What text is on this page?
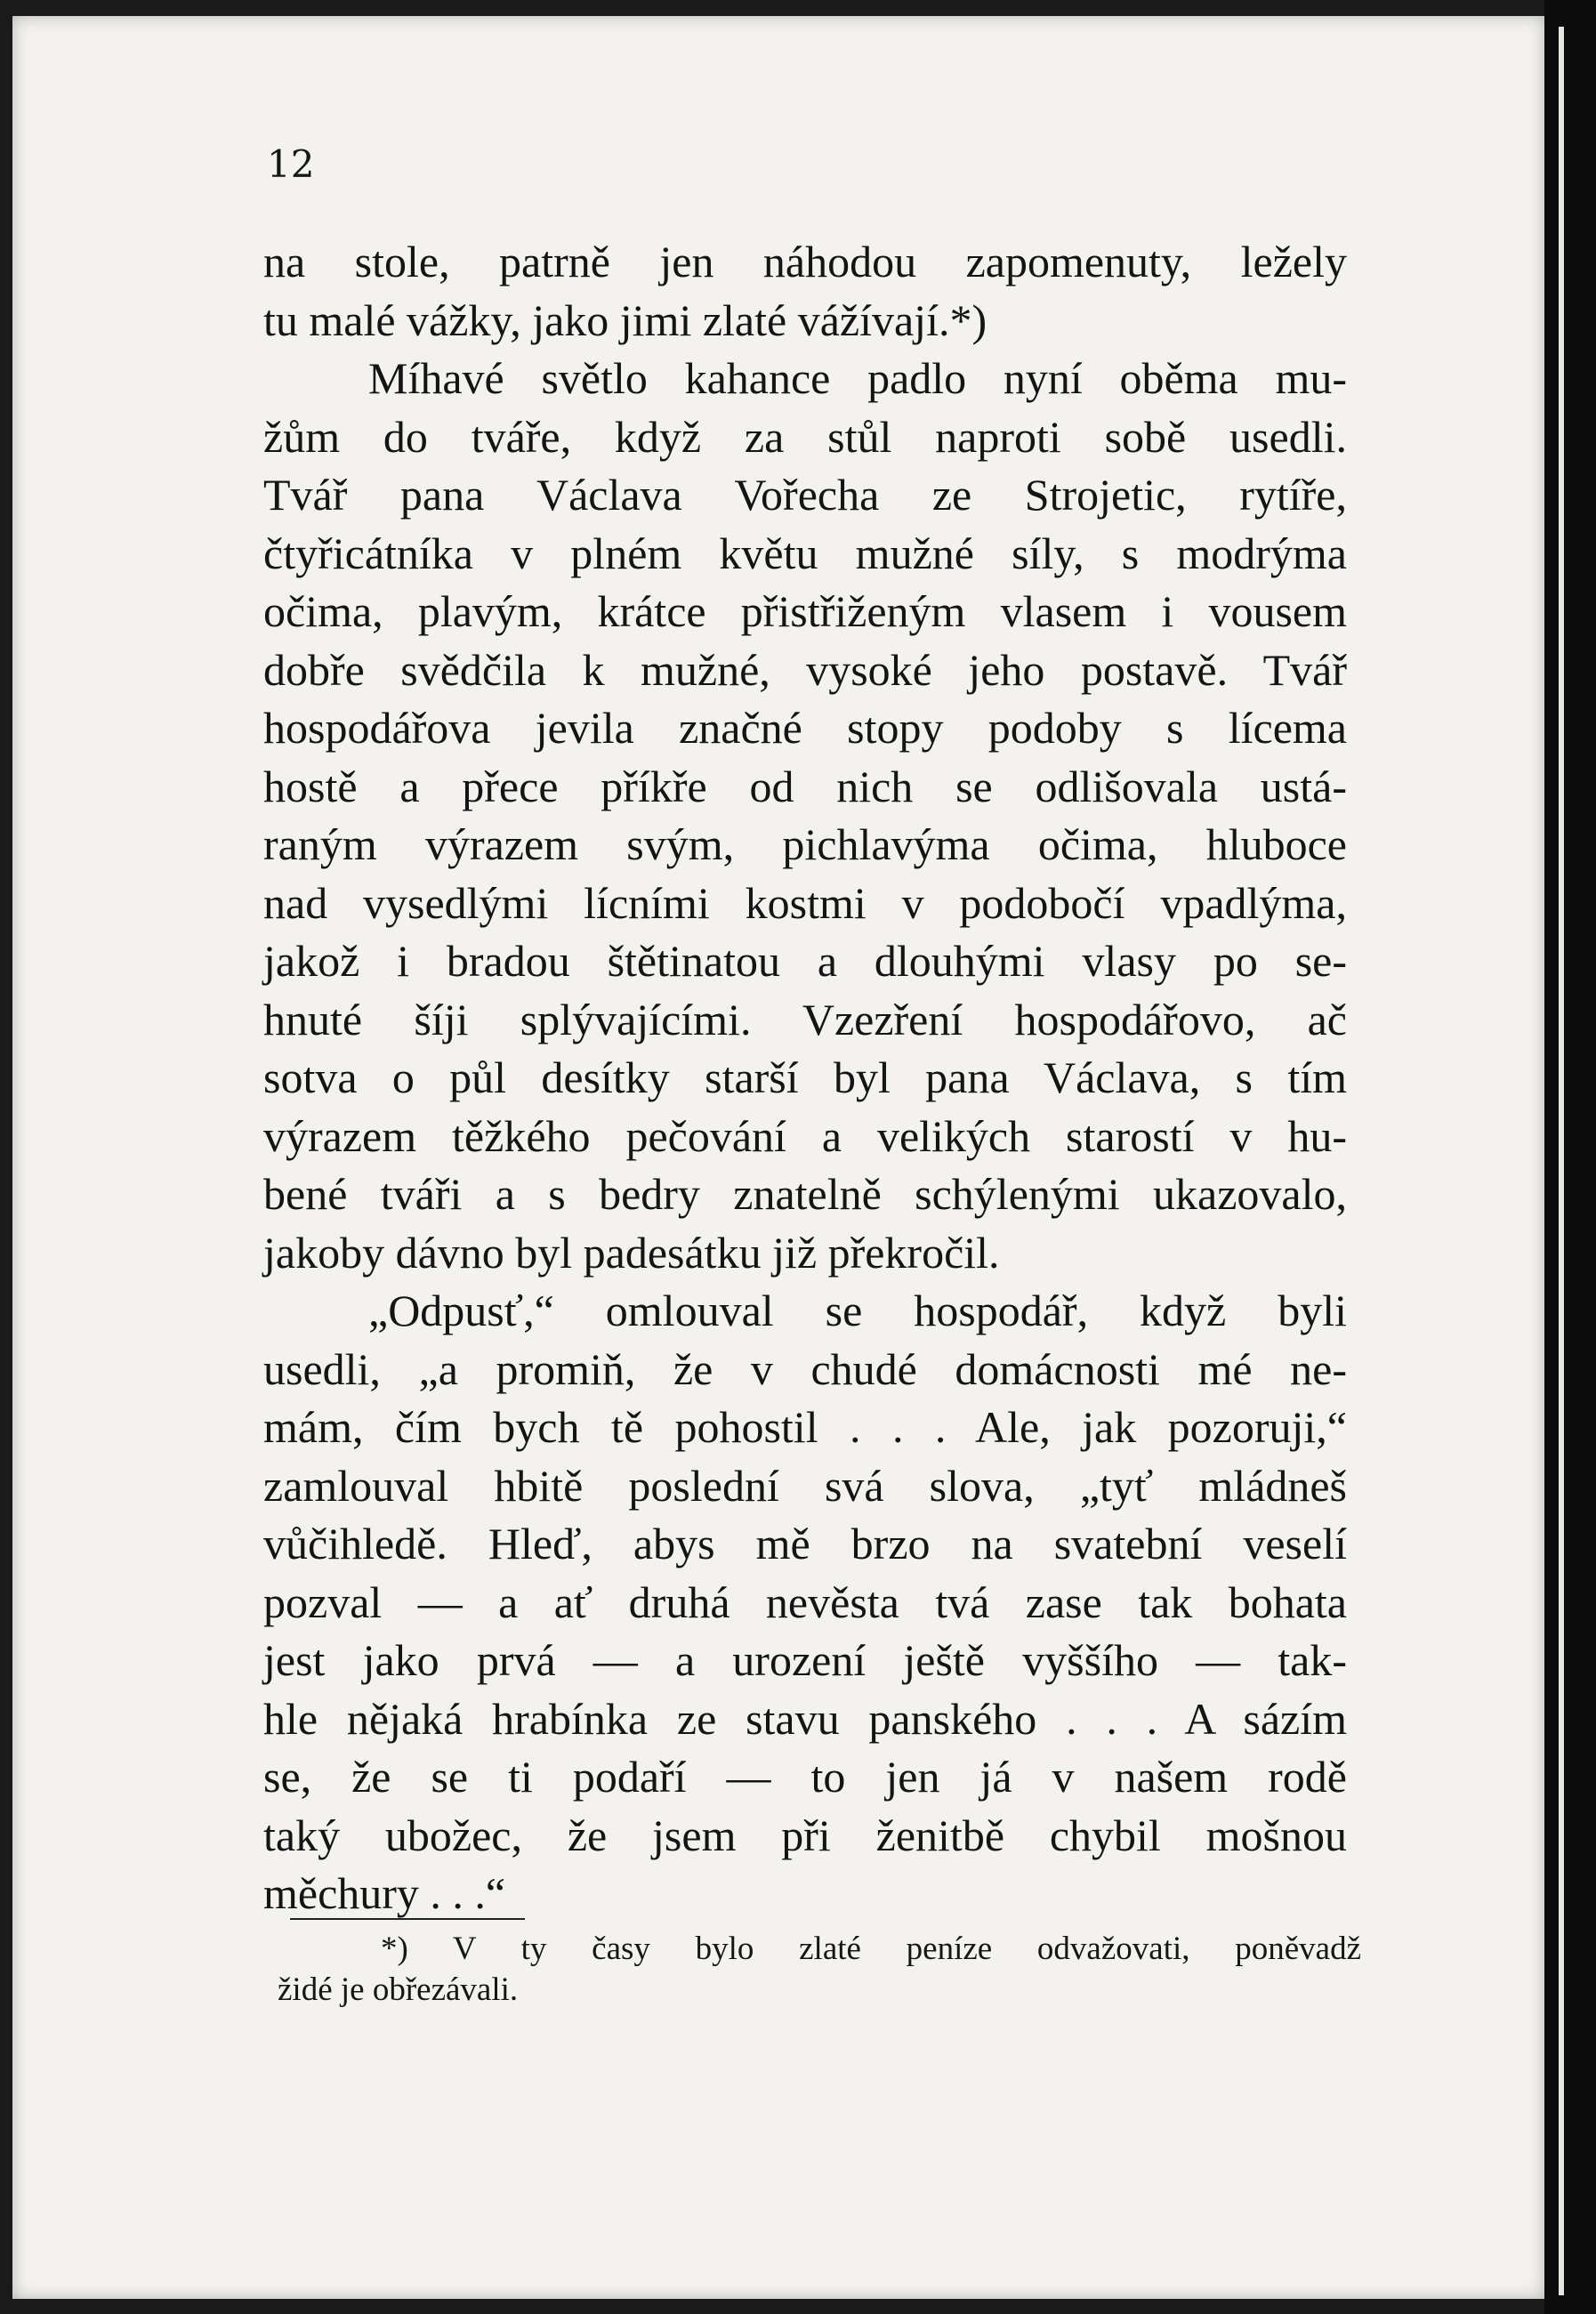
12
na stole, patrně jen náhodou zapomenuty, ležely
tu malé vážky, jako jimi zlaté vážívají.*)
Míhavé světlo kahance padlo nyní oběma mu-
žům do tváře, když za stůl naproti sobě usedli.
Tvář pana Václava Vořecha ze Strojetic, rytíře,
čtyřicátníka v plném květu mužné síly, s modrýma
očima, plavým, krátce přistřiženým vlasem i vousem
dobře svědčila k mužné, vysoké jeho postavě. Tvář
hospodářova jevila značné stopy podoby s lícema
hostě a přece příkře od nich se odlišovala ustá-
raným výrazem svým, pichlavýma očima, hluboce
nad vysedlými lícními kostmi v podobočí vpadlýma,
jakož i bradou štětinatou a dlouhými vlasy po se-
hnuté šíji splývajícími. Vzezření hospodářovo, ač
sotva o půl desítky starší byl pana Václava, s tím
výrazem těžkého pečování a velikých starostí v hu-
bené tváři a s bedry znatelně schýlenými ukazovalo,
jakoby dávno byl padesátku již překročil.
„Odpusť,“ omlouval se hospodář, když byli
usedli, „a promiň, že v chudé domácnosti mé ne-
mám, čím bych tě pohostil . . . Ale, jak pozoruji,“
zamlouval hbitě poslední svá slova, „tyť mládneš
vůčihledě. Hleď, abys mě brzo na svatební veselí
pozval — a ať druhá nevěsta tvá zase tak bohata
jest jako prvá — a urození ještě vyššího — tak-
hle nějaká hrabínka ze stavu panského . . . A sázím
se, že se ti podaří — to jen já v našem rodě
taký ubožec, že jsem při ženitbě chybil mošnou
měchury . . .“
*) V ty časy bylo zlaté peníze odvažovati, poněvadž
židé je obřezávali.
